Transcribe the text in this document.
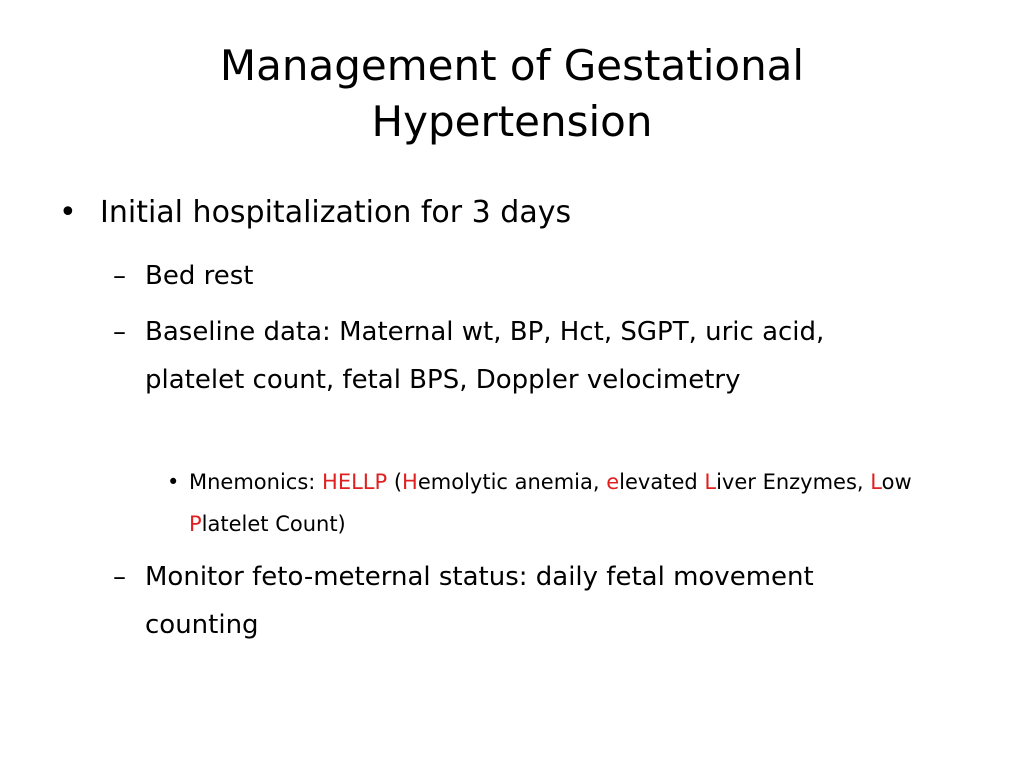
Management of Gestational
Hypertension
• Initial hospitalization for 3 days
– Bed rest
– Baseline data: Maternal wt, BP, Hct, SGPT, uric acid, platelet count, fetal BPS, Doppler velocimetry
• Mnemonics: HELLP (Hemolytic anemia, elevated Liver Enzymes, Low Platelet Count)
– Monitor feto-meternal status: daily fetal movement counting
